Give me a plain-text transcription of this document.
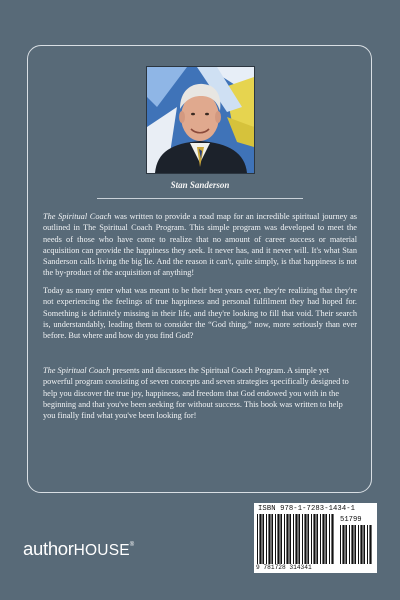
Stan Sanderson
The Spiritual Coach was written to provide a road map for an incredible spiritual journey as outlined in The Spiritual Coach Program. This simple program was developed to meet the needs of those who have come to realize that no amount of career success or material acquisition can provide the happiness they seek. It never has, and it never will. It's what Stan Sanderson calls living the big lie. And the reason it can't, quite simply, is that happiness is not the by-product of the acquisition of anything!
Today as many enter what was meant to be their best years ever, they're realizing that they're not experiencing the feelings of true happiness and personal fulfilment they had hoped for. Something is definitely missing in their life, and they're looking to fill that void. Their search is, understandably, leading them to consider the “God thing,” now, more seriously than ever before. But where and how do you find God?
The Spiritual Coach presents and discusses the Spiritual Coach Program. A simple yet powerful program consisting of seven concepts and seven strategies specifically designed to help you discover the true joy, happiness, and freedom that God endowed you with in the beginning and that you've been seeking for without success. This book was written to help you finally find what you've been looking for!
ISBN 978-1-7283-1434-1
51799
9 781728 314341
authorHOUSE®
